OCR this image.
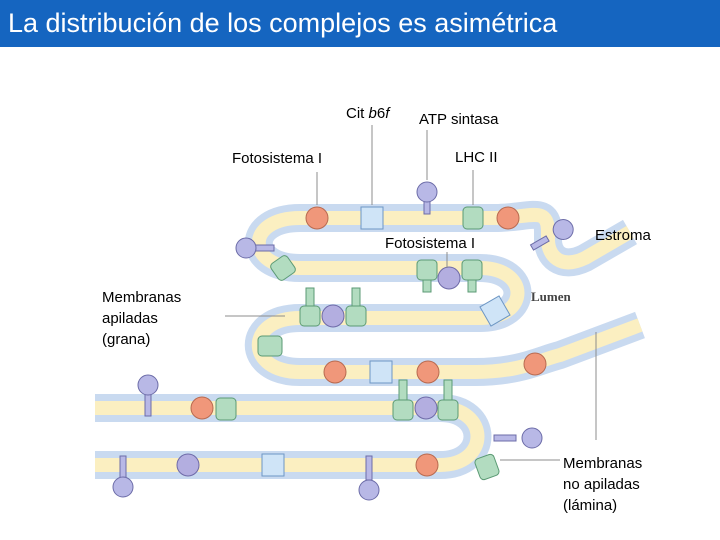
La distribución de los complejos es asimétrica
Cit b6f ATP sintasa
Fotosistema I	LHC II
Fotosistema I	Estroma
Lumen
Membranas
apiladas
(grana)
Membranas
no apiladas
(lámina)
